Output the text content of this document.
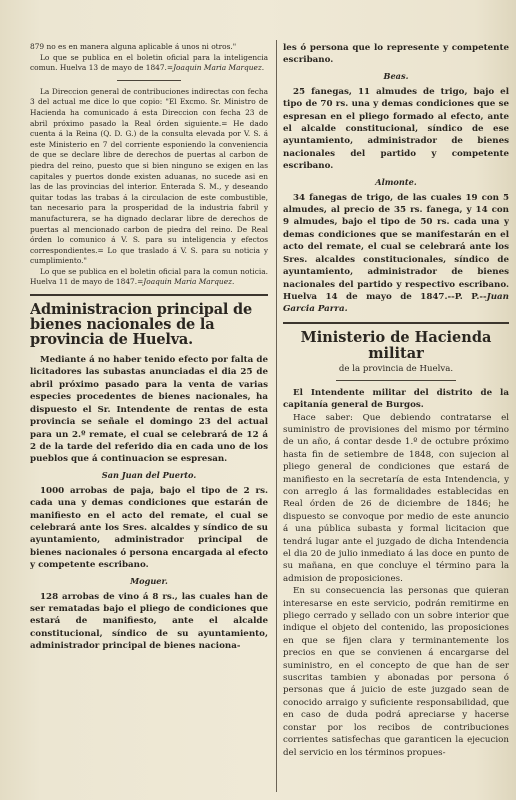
879 no es en manera alguna aplicable á unos ni otros."

Lo que se publica en el boletin oficial para la inteligencia comun. Huelva 13 de mayo de 1847.=Joaquin Maria Marquez.

La Direccion general de contribuciones indirectas con fecha 3 del actual me dice lo que copio: "El Excmo. Sr. Ministro de Hacienda ha comunicado á esta Direccion con fecha 23 de abril próximo pasado la Real órden siguiente.= He dado cuenta á la Reina (Q. D. G.) de la consulta elevada por V. S. á este Ministerio en 7 del corriente esponiendo la conveniencia de que se declare libre de derechos de puertas al carbon de piedra del reino, puesto que si bien ninguno se exigen en las capitales y puertos donde existen aduanas, no sucede asi en las de las provincias del interior. Enterada S. M., y deseando quitar todas las trabas á la circulacion de este combustible, tan necesario para la prosperidad de la industria fabril y manufacturera, se ha dignado declarar libre de derechos de puertas al mencionado carbon de piedra del reino. De Real órden lo comunico á V. S. para su inteligencia y efectos correspondientes.= Lo que traslado á V. S. para su noticia y cumplimiento."

Lo que se publica en el boletin oficial para la comun noticia. Huelva 11 de mayo de 1847.=Joaquin Maria Marquez.

Administracion principal de bienes nacionales de la provincia de Huelva.

Mediante á no haber tenido efecto por falta de licitadores las subastas anunciadas el dia 25 de abril próximo pasado para la venta de varias especies procedentes de bienes nacionales, ha dispuesto el Sr. Intendente de rentas de esta provincia se señale el domingo 23 del actual para un 2.º remate, el cual se celebrará de 12 á 2 de la tarde del referido dia en cada uno de los pueblos que á continuacion se espresan.

San Juan del Puerto.

1000 arrobas de paja, bajo el tipo de 2 rs. cada una y demas condiciones que estarán de manifiesto en el acto del remate, el cual se celebrará ante los Sres. alcaldes y síndico de su ayuntamiento, administrador principal de bienes nacionales ó persona encargada al efecto y competente escribano.

Moguer.

128 arrobas de vino á 8 rs., las cuales han de ser rematadas bajo el pliego de condiciones que estará de manifiesto, ante el alcalde constitucional, síndico de su ayuntamiento, administrador principal de bienes naciona-

les ó persona que lo represente y competente escribano.

Beas.

25 fanegas, 11 almudes de trigo, bajo el tipo de 70 rs. una y demas condiciones que se espresan en el pliego formado al efecto, ante el alcalde constitucional, síndico de ese ayuntamiento, administrador de bienes nacionales del partido y competente escribano.

Almonte.

34 fanegas de trigo, de las cuales 19 con 5 almudes, al precio de 35 rs. fanega, y 14 con 9 almudes, bajo el tipo de 50 rs. cada una y demas condiciones que se manifestarán en el acto del remate, el cual se celebrará ante los Sres. alcaldes constitucionales, síndico de ayuntamiento, administrador de bienes nacionales del partido y respectivo escribano. Huelva 14 de mayo de 1847.--P. P.--Juan Garcia Parra.

Ministerio de Hacienda militar
de la provincia de Huelva.

El Intendente militar del distrito de la capitanía general de Burgos.

Hace saber: Que debiendo contratarse el suministro de provisiones del mismo por término de un año, á contar desde 1.º de octubre próximo hasta fin de setiembre de 1848, con sujecion al pliego general de condiciones que estará de manifiesto en la secretaría de esta Intendencia, y con arreglo á las formalidades establecidas en Real órden de 26 de diciembre de 1846; he dispuesto se convoque por medio de este anuncio á una pública subasta y formal licitacion que tendrá lugar ante el juzgado de dicha Intendencia el dia 20 de julio inmediato á las doce en punto de su mañana, en que concluye el término para la admision de proposiciones.

En su consecuencia las personas que quieran interesarse en este servicio, podrán remitirme en pliego cerrado y sellado con un sobre interior que indique el objeto del contenido, las proposiciones en que se fijen clara y terminantemente los precios en que se convienen á encargarse del suministro, en el concepto de que han de ser suscritas tambien y abonadas por persona ó personas que á juicio de este juzgado sean de conocido arraigo y suficiente responsabilidad, que en caso de duda podrá apreciarse y hacerse constar por los recibos de contribuciones corrientes satisfechas que garanticen la ejecucion del servicio en los términos propues-
